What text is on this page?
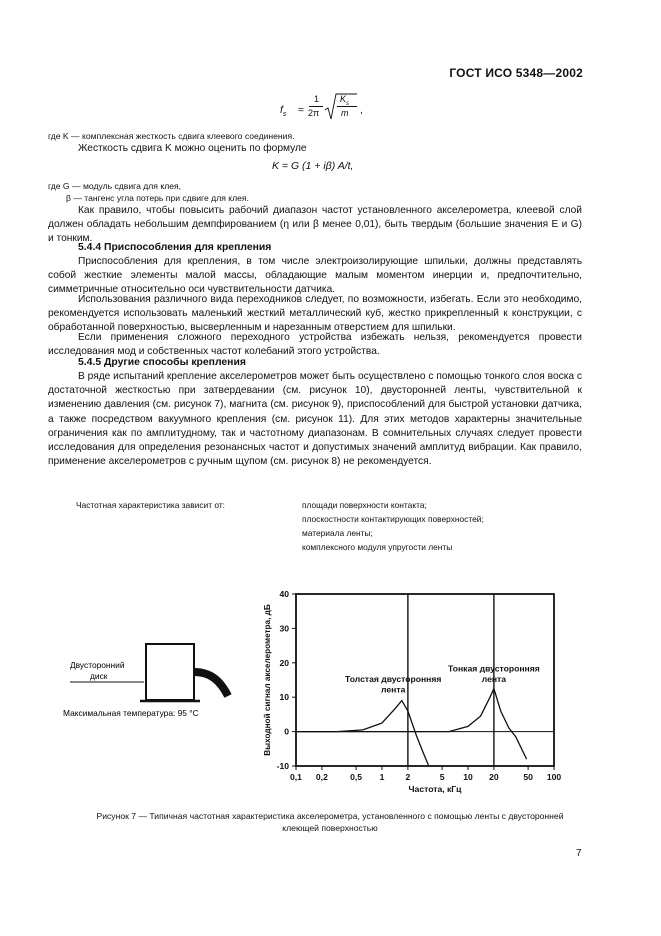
ГОСТ ИСО 5348—2002
$f_s$ ≈
1
2π
$K_s$
m ,
где K — комплексная жесткость сдвига клеевого соединения.
Жесткость сдвига K можно оценить по формуле
K = G (1 + iβ) A/t,
где G — модуль сдвига для клея,
β — тангенс угла потерь при сдвиге для клея.
Как правило, чтобы повысить рабочий диапазон частот установленного акселерометра, клеевой слой должен обладать небольшим демпфированием (η или β менее 0,01), быть твердым (большие значения E и G) и тонким.
5.4.4 Приспособления для крепления
Приспособления для крепления, в том числе электроизолирующие шпильки, должны представлять собой жесткие элементы малой массы, обладающие малым моментом инерции и, предпочтительно, симметричные относительно оси чувствительности датчика.
Использования различного вида переходников следует, по возможности, избегать. Если это необходимо, рекомендуется использовать маленький жесткий металлический куб, жестко прикрепленный к конструкции, с обработанной поверхностью, высверленным и нарезанным отверстием для шпильки.
Если применения сложного переходного устройства избежать нельзя, рекомендуется провести исследования мод и собственных частот колебаний этого устройства.
5.4.5 Другие способы крепления
В ряде испытаний крепление акселерометров может быть осуществлено с помощью тонкого слоя воска с достаточной жесткостью при затвердевании (см. рисунок 10), двусторонней ленты, чувствительной к изменению давления (см. рисунок 7), магнита (см. рисунок 9), приспособлений для быстрой установки датчика, а также посредством вакуумного крепления (см. рисунок 11). Для этих методов характерны значительные ограничения как по амплитудному, так и частотному диапазонам. В сомнительных случаях следует провести исследования для определения резонансных частот и допустимых значений амплитуд вибрации. Как правило, применение акселерометров с ручным щупом (см. рисунок 8) не рекомендуется.
Частотная характеристика зависит от:	площади поверхности контакта;
плоскостности контактирующих поверхностей;
материала ленты;
комплексного модуля упругости ленты
Двусторонний
диск
Максимальная температура: 95 °С
40
30
20
10
0
-10
0,1 0,2	0,5 1 2	5 10 20	50 100
Частота, кГц
Выходной сигнал акселерометра, дБ	Толстая двусторонняя
лента
Тонкая двусторонняя
лента
Рисунок 7 — Типичная частотная характеристика акселерометра, установленного с помощью ленты с двусторонней
клеющей поверхностью
7
